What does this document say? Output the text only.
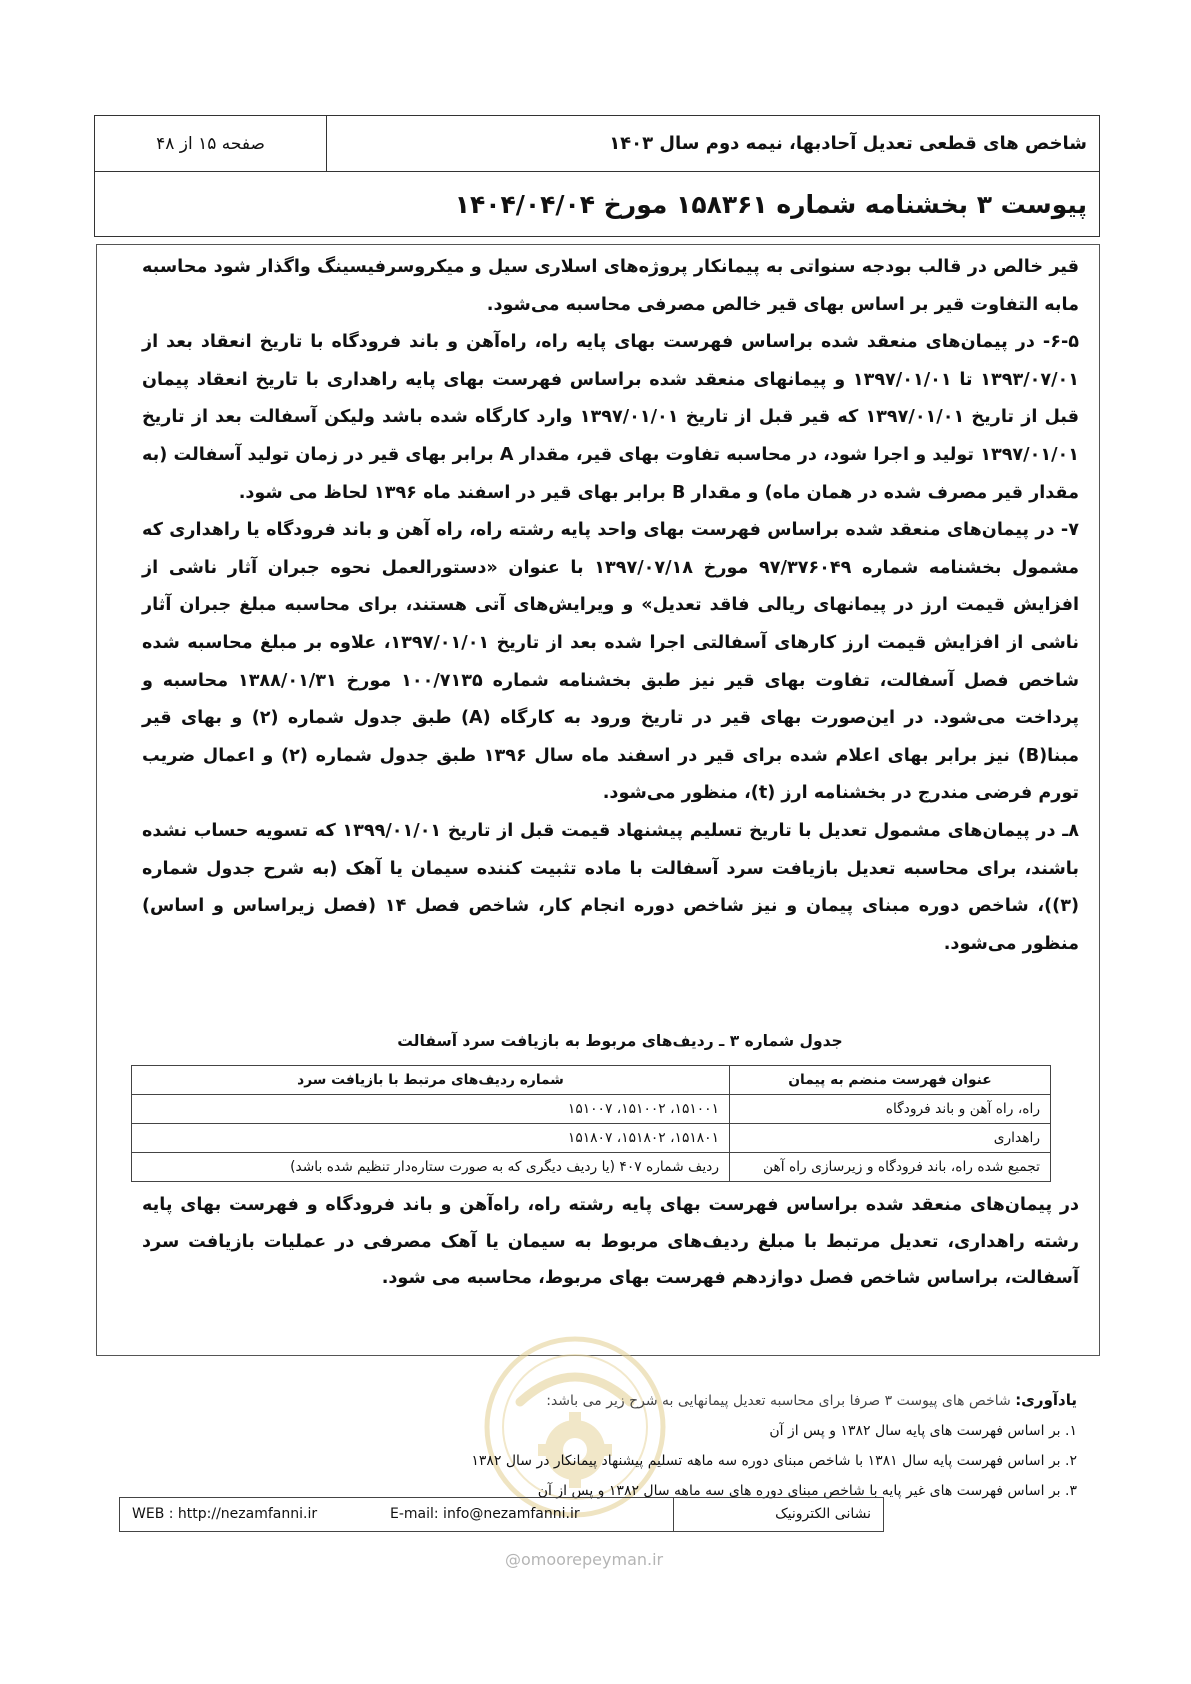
صفحه ۱۵ از ۴۸	شاخص های قطعی تعدیل آحادبها، نیمه دوم سال ۱۴۰۳
پیوست ۳ بخشنامه شماره ۱۵۸۳۶۱ مورخ ۱۴۰۴/۰۴/۰۴

قیر خالص در قالب بودجه سنواتی به پیمانکار پروژه‌های اسلاری سیل و میکروسرفیسینگ واگذار شود محاسبه مابه التفاوت قیر بر اساس بهای قیر خالص مصرفی محاسبه می‌شود.

۶-۵- در پیمان‌های منعقد شده براساس فهرست بهای پایه راه، راه‌آهن و باند فرودگاه با تاریخ انعقاد بعد از ۱۳۹۳/۰۷/۰۱ تا ۱۳۹۷/۰۱/۰۱ و پیمانهای منعقد شده براساس فهرست بهای پایه راهداری با تاریخ انعقاد پیمان قبل از تاریخ ۱۳۹۷/۰۱/۰۱ که قیر قبل از تاریخ ۱۳۹۷/۰۱/۰۱ وارد کارگاه شده باشد ولیکن آسفالت بعد از تاریخ ۱۳۹۷/۰۱/۰۱ تولید و اجرا شود، در محاسبه تفاوت بهای قیر، مقدار A برابر بهای قیر در زمان تولید آسفالت (به مقدار قیر مصرف شده در همان ماه) و مقدار B برابر بهای قیر در اسفند ماه ۱۳۹۶ لحاظ می شود.

۷- در پیمان‌های منعقد شده براساس فهرست بهای واحد پایه رشته راه، راه آهن و باند فرودگاه یا راهداری که مشمول بخشنامه شماره ۹۷/۳۷۶۰۴۹ مورخ ۱۳۹۷/۰۷/۱۸ با عنوان «دستورالعمل نحوه جبران آثار ناشی از افزایش قیمت ارز در پیمانهای ریالی فاقد تعدیل» و ویرایش‌های آتی هستند، برای محاسبه مبلغ جبران آثار ناشی از افزایش قیمت ارز کارهای آسفالتی اجرا شده بعد از تاریخ ۱۳۹۷/۰۱/۰۱، علاوه بر مبلغ محاسبه شده شاخص فصل آسفالت، تفاوت بهای قیر نیز طبق بخشنامه شماره ۱۰۰/۷۱۳۵ مورخ ۱۳۸۸/۰۱/۳۱ محاسبه و پرداخت می‌شود. در این‌صورت بهای قیر در تاریخ ورود به کارگاه (A) طبق جدول شماره (۲) و بهای قیر مبنا(B) نیز برابر بهای اعلام شده برای قیر در اسفند ماه سال ۱۳۹۶ طبق جدول شماره (۲) و اعمال ضریب تورم فرضی مندرج در بخشنامه ارز (t)، منظور می‌شود.

۸ـ در پیمان‌های مشمول تعدیل با تاریخ تسلیم پیشنهاد قیمت قبل از تاریخ ۱۳۹۹/۰۱/۰۱ که تسویه حساب نشده باشند، برای محاسبه تعدیل بازیافت سرد آسفالت با ماده تثبیت کننده سیمان یا آهک (به شرح جدول شماره (۳))، شاخص دوره مبنای پیمان و نیز شاخص دوره انجام کار، شاخص فصل ۱۴ (فصل زیراساس و اساس) منظور می‌شود.

جدول شماره ۳ ـ ردیف‌های مربوط به بازیافت سرد آسفالت
عنوان فهرست منضم به پیمان	شماره ردیف‌های مرتبط با بازیافت سرد
راه، راه آهن و باند فرودگاه	۱۵۱۰۰۱، ۱۵۱۰۰۲، ۱۵۱۰۰۷
راهداری	۱۵۱۸۰۱، ۱۵۱۸۰۲، ۱۵۱۸۰۷
تجمیع شده راه، باند فرودگاه و زیرسازی راه آهن	ردیف شماره ۴۰۷ (یا ردیف دیگری که به صورت ستاره‌دار تنظیم شده باشد)

در پیمان‌های منعقد شده براساس فهرست بهای پایه رشته راه، راه‌آهن و باند فرودگاه و فهرست بهای پایه رشته راهداری، تعدیل مرتبط با مبلغ ردیف‌های مربوط به سیمان یا آهک مصرفی در عملیات بازیافت سرد آسفالت، براساس شاخص فصل دوازدهم فهرست بهای مربوط، محاسبه می شود.

یادآوری: شاخص های پیوست ۳ صرفا برای محاسبه تعدیل پیمانهایی به شرح زیر می باشد:

۱. بر اساس فهرست های پایه سال ۱۳۸۲ و پس از آن

۲. بر اساس فهرست پایه سال ۱۳۸۱ با شاخص مبنای دوره سه ماهه تسلیم پیشنهاد پیمانکار در سال ۱۳۸۲

۳. بر اساس فهرست های غیر پایه با شاخص مبنای دوره های سه ماهه سال ۱۳۸۲ و پس از آن

WEB : http://nezamfanni.ir	E-mail: info@nezamfanni.ir	نشانی الکترونیک
@omoorepeyman.ir
